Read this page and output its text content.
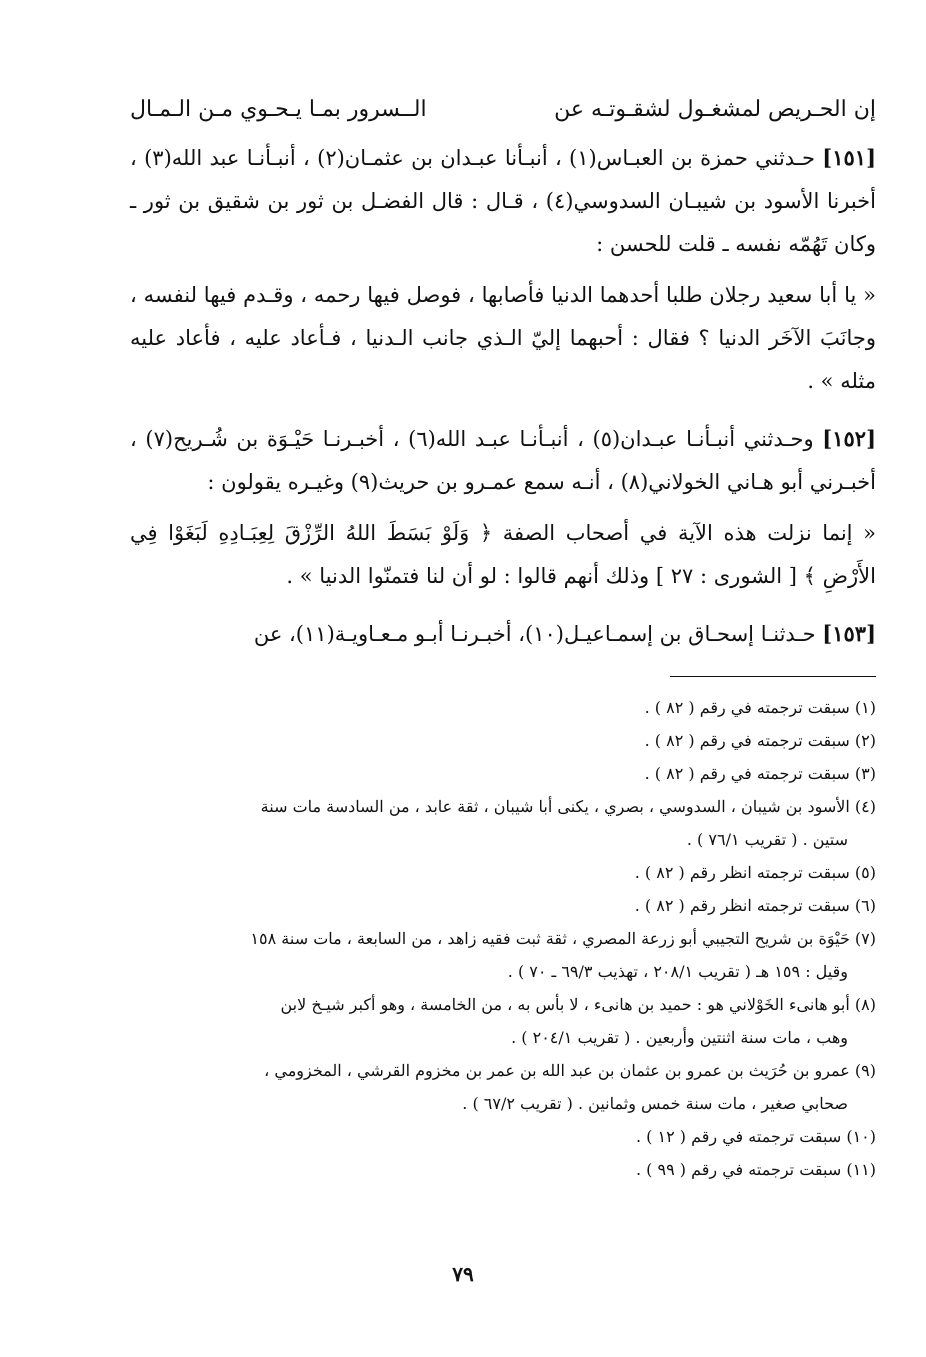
إن الحـريص لمشغـول لشقـوتـه عن
الــسرور بمـا يـحـوي مـن الـمـال

[١٥١] حـدثني حمزة بن العبـاس(١) ، أنبـأنا عبـدان بن عثمـان(٢) ، أنبـأنـا عبد الله(٣) ، أخبرنا الأسود بن شيبـان السدوسي(٤) ، قـال : قال الفضـل بن ثور بن شقيق بن ثور ـ وكان تَهُمّه نفسه ـ قلت للحسن :

« يا أبا سعيد رجلان طلبا أحدهما الدنيا فأصابها ، فوصل فيها رحمه ، وقـدم فيها لنفسه ، وجانَبَ الآخَر الدنيا ؟ فقال : أحبهما إليّ الـذي جانب الـدنيا ، فـأعاد عليه ، فأعاد عليه مثله » .

[١٥٢] وحـدثني أنبـأنـا عبـدان(٥) ، أنبـأنـا عبـد الله(٦) ، أخبـرنـا حَيْـوَة بن شُـريح(٧) ، أخبـرني أبو هـاني الخولاني(٨) ، أنـه سمع عمـرو بن حريث(٩) وغيـره يقولون :

« إنما نزلت هذه الآية في أصحاب الصفة ﴿ وَلَوْ بَسَطَ اللهُ الرِّزْقَ لِعِبَـادِهِ لَبَغَوْا فِي الأَرْضِ ﴾ [ الشورى : ٢٧ ] وذلك أنهم قالوا : لو أن لنا فتمنّوا الدنيا » .

[١٥٣] حـدثنـا إسحـاق بن إسمـاعيـل(١٠)، أخبـرنـا أبـو مـعـاويـة(١١)، عن

(١) سبقت ترجمته في رقم ( ٨٢ ) .

(٢) سبقت ترجمته في رقم ( ٨٢ ) .

(٣) سبقت ترجمته في رقم ( ٨٢ ) .

(٤) الأسود بن شيبان ، السدوسي ، بصري ، يكنى أبا شيبان ، ثقة عابد ، من السادسة مات سنة
ستين . ( تقريب ٧٦/١ ) .

(٥) سبقت ترجمته انظر رقم ( ٨٢ ) .

(٦) سبقت ترجمته انظر رقم ( ٨٢ ) .

(٧) حَيْوَة بن شريح التجيبي أبو زرعة المصري ، ثقة ثبت فقيه زاهد ، من السابعة ، مات سنة ١٥٨
وقيل : ١٥٩ هـ ( تقريب ٢٠٨/١ ، تهذيب ٦٩/٣ ـ ٧٠ ) .

(٨) أبو هانىء الخَوْلاني هو : حميد بن هانىء ، لا بأس به ، من الخامسة ، وهو أكبر شيـخ لابن
وهب ، مات سنة اثنتين وأربعين . ( تقريب ٢٠٤/١ ) .

(٩) عمرو بن حُرَيث بن عمرو بن عثمان بن عبد الله بن عمر بن مخزوم القرشي ، المخزومي ،
صحابي صغير ، مات سنة خمس وثمانين . ( تقريب ٦٧/٢ ) .

(١٠) سبقت ترجمته في رقم ( ١٢ ) .

(١١) سبقت ترجمته في رقم ( ٩٩ ) .

٧٩
